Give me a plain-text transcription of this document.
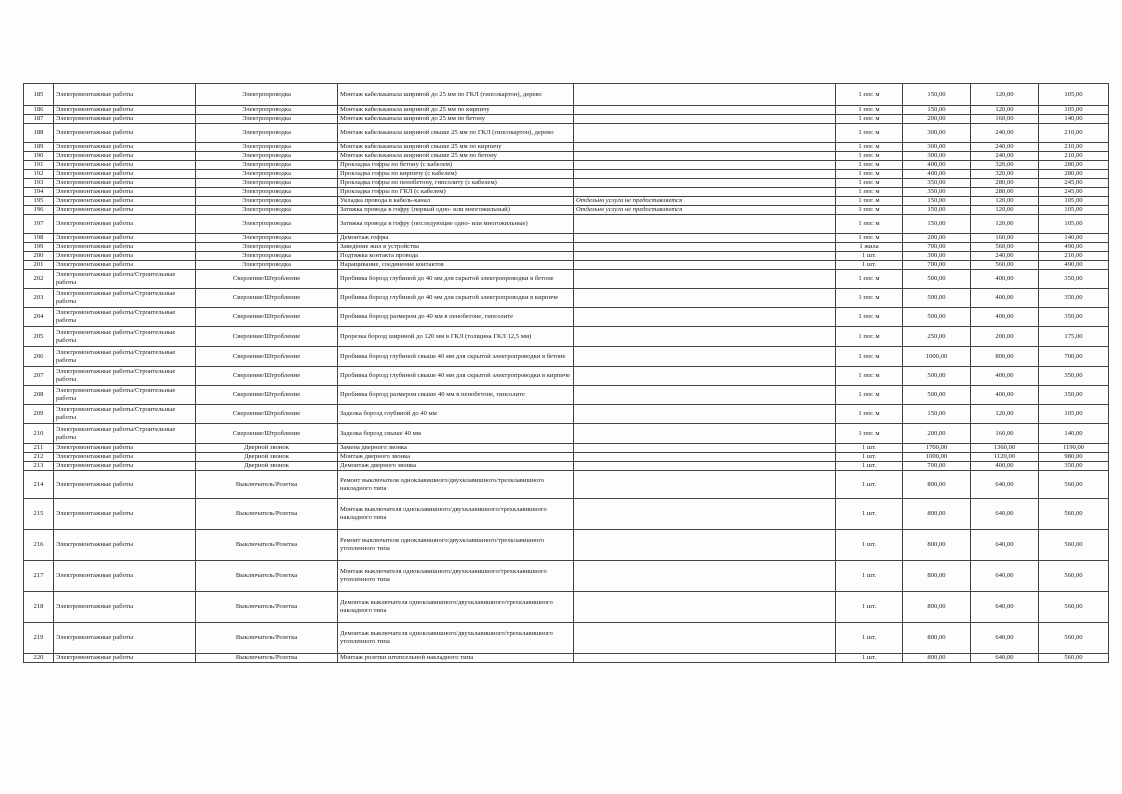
185	Электромонтажные работы	Электропроводка	Монтаж кабельканала шириной до 25 мм по ГКЛ (гипсокартон), дерево		1 пог. м	150,00	120,00	105,00
186	Электромонтажные работы	Электропроводка	Монтаж кабельканала шириной до 25 мм по кирпичу		1 пог. м	150,00	120,00	105,00
187	Электромонтажные работы	Электропроводка	Монтаж кабельканала шириной до 25 мм по бетону		1 пог. м	200,00	160,00	140,00
188	Электромонтажные работы	Электропроводка	Монтаж кабельканала шириной свыше 25 мм по ГКЛ (гипсокартон), дерево		1 пог. м	300,00	240,00	210,00
189	Электромонтажные работы	Электропроводка	Монтаж кабельканала шириной свыше 25 мм по кирпичу		1 пог. м	300,00	240,00	210,00
190	Электромонтажные работы	Электропроводка	Монтаж кабельканала шириной свыше 25 мм по бетону		1 пог. м	300,00	240,00	210,00
191	Электромонтажные работы	Электропроводка	Прокладка гофры по бетону (с кабелем)		1 пог. м	400,00	320,00	280,00
192	Электромонтажные работы	Электропроводка	Прокладка гофры по кирпичу (с кабелем)		1 пог. м	400,00	320,00	280,00
193	Электромонтажные работы	Электропроводка	Прокладка гофры по пенобетону, гипсолиту (с кабелем)		1 пог. м	350,00	280,00	245,00
194	Электромонтажные работы	Электропроводка	Прокладка гофры по ГКЛ (с кабелем)		1 пог. м	350,00	280,00	245,00
195	Электромонтажные работы	Электропроводка	Укладка провода в кабель-канал	Отдельно услуга не предоставляется	1 пог. м	150,00	120,00	105,00
196	Электромонтажные работы	Электропроводка	Затяжка провода в гофру (первый одно- или многожильный)	Отдельно услуга не предоставляется	1 пог. м	150,00	120,00	105,00
197	Электромонтажные работы	Электропроводка	Затяжка провода в гофру (последующие одно- или многожильные)		1 пог. м	150,00	120,00	105,00
198	Электромонтажные работы	Электропроводка	Демонтаж гофры		1 пог. м	200,00	160,00	140,00
199	Электромонтажные работы	Электропроводка	Заведение жил в устройства		1 жила	700,00	560,00	490,00
200	Электромонтажные работы	Электропроводка	Подтяжка контакта провода		1 шт.	300,00	240,00	210,00
201	Электромонтажные работы	Электропроводка	Наращивание, соединение контактов		1 шт.	700,00	560,00	490,00
202	Электромонтажные работы/Строительные работы	Сверление/Штробление	Пробивка борозд глубиной до 40 мм для скрытой электропроводки в бетоне		1 пог. м	500,00	400,00	350,00
203	Электромонтажные работы/Строительные работы	Сверление/Штробление	Пробивка борозд глубиной до 40 мм для скрытой электропроводки в кирпиче		1 пог. м	500,00	400,00	350,00
204	Электромонтажные работы/Строительные работы	Сверление/Штробление	Пробивка борозд размером до 40 мм в пенобетоне, гипсолите		1 пог. м	500,00	400,00	350,00
205	Электромонтажные работы/Строительные работы	Сверление/Штробление	Прорезка борозд шириной до 120 мм в ГКЛ (толщина ГКЛ 12,5 мм)		1 пог. м	250,00	200,00	175,00
206	Электромонтажные работы/Строительные работы	Сверление/Штробление	Пробивка борозд глубиной свыше 40 мм для скрытой электропроводки в бетоне		1 пог. м	1000,00	800,00	700,00
207	Электромонтажные работы/Строительные работы	Сверление/Штробление	Пробивка борозд глубиной свыше 40 мм для скрытой электропроводки в кирпиче		1 пог. м	500,00	400,00	350,00
208	Электромонтажные работы/Строительные работы	Сверление/Штробление	Пробивка борозд размером свыше 40 мм в пенобетоне, гипсолите		1 пог. м	500,00	400,00	350,00
209	Электромонтажные работы/Строительные работы	Сверление/Штробление	Заделка борозд глубиной до 40 мм		1 пог. м	150,00	120,00	105,00
210	Электромонтажные работы/Строительные работы	Сверление/Штробление	Заделка борозд свыше 40 мм		1 пог. м	200,00	160,00	140,00
211	Электромонтажные работы	Дверной звонок	Замена дверного звонка		1 шт.	1700,00	1360,00	1190,00
212	Электромонтажные работы	Дверной звонок	Монтаж дверного звонка		1 шт.	1000,00	1120,00	980,00
213	Электромонтажные работы	Дверной звонок	Демонтаж дверного звонка		1 шт.	700,00	400,00	350,00
214	Электромонтажные работы	Выключатель/Розетка	Ремонт выключателя одноклавишного/двухклавишного/трехклавишного накладного типа		1 шт.	800,00	640,00	560,00
215	Электромонтажные работы	Выключатель/Розетка	Монтаж выключателя одноклавишного/двухклавишного/трехклавишного накладного типа		1 шт.	800,00	640,00	560,00
216	Электромонтажные работы	Выключатель/Розетка	Ремонт выключателя одноклавишного/двухклавишного/трехклавишного утопленного типа		1 шт.	800,00	640,00	560,00
217	Электромонтажные работы	Выключатель/Розетка	Монтаж выключателя одноклавишного/двухклавишного/трехклавишного утопленного типа		1 шт.	800,00	640,00	560,00
218	Электромонтажные работы	Выключатель/Розетка	Демонтаж выключателя одноклавишного/двухклавишного/трехклавишного накладного типа		1 шт.	800,00	640,00	560,00
219	Электромонтажные работы	Выключатель/Розетка	Демонтаж выключателя одноклавишного/двухклавишного/трехклавишного утопленного типа		1 шт.	800,00	640,00	560,00
220	Электромонтажные работы	Выключатель/Розетка	Монтаж розетки штепсельной накладного типа		1 шт.	800,00	640,00	560,00
